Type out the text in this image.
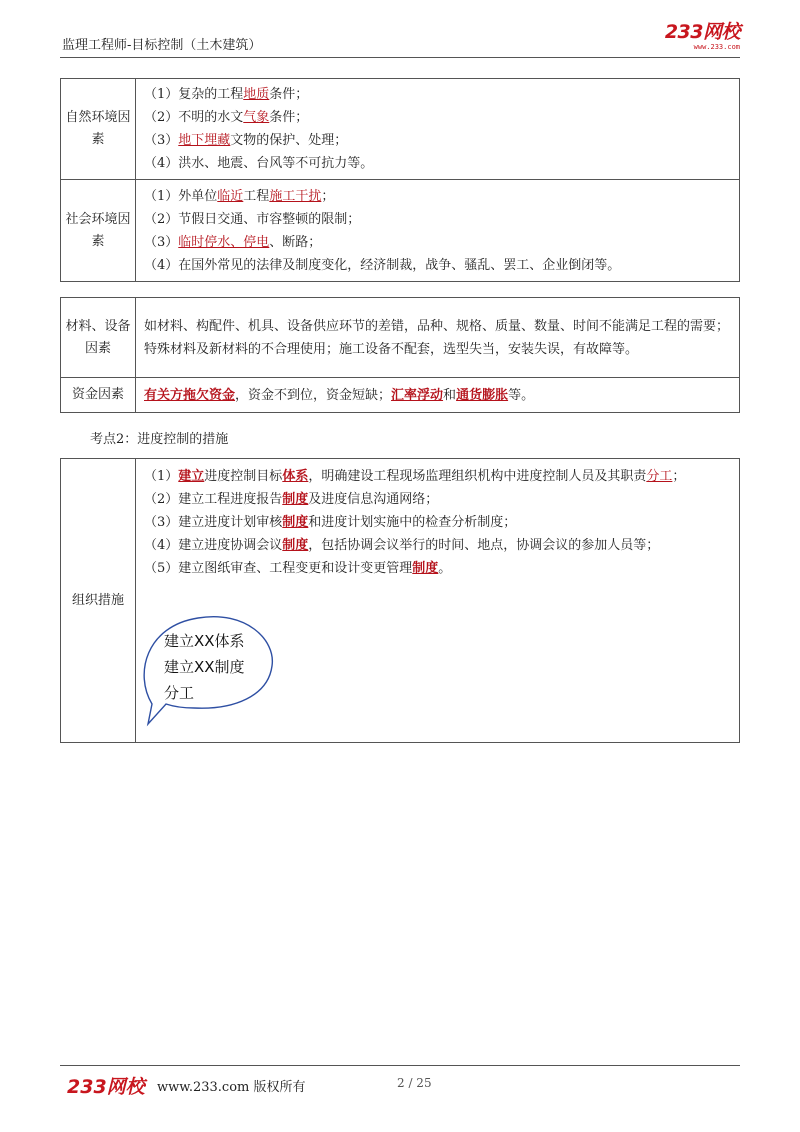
监理工程师-目标控制（土木建筑）
233网校
www.233.com
自然环境因素	（1）复杂的工程地质条件；
（2）不明的水文气象条件；
（3）地下埋藏文物的保护、处理；
（4）洪水、地震、台风等不可抗力等。

社会环境因素	（1）外单位临近工程施工干扰；
（2）节假日交通、市容整顿的限制；
（3）临时停水、停电、断路；
（4）在国外常见的法律及制度变化，经济制裁，战争、骚乱、罢工、企业倒闭等。
材料、设备因素	如材料、构配件、机具、设备供应环节的差错，品种、规格、质量、数量、时间不能满足工程的需要；特殊材料及新材料的不合理使用；施工设备不配套，选型失当，安装失误，有故障等。
资金因素	有关方拖欠资金，资金不到位，资金短缺；汇率浮动和通货膨胀等。
考点2：进度控制的措施
组织措施	
（1）建立进度控制目标体系，明确建设工程现场监理组织机构中进度控制人员及其职责分工；
（2）建立工程进度报告制度及进度信息沟通网络；
（3）建立进度计划审核制度和进度计划实施中的检查分析制度；
（4）建立进度协调会议制度，包括协调会议举行的时间、地点，协调会议的参加人员等；
（5）建立图纸审查、工程变更和设计变更管理制度。
建立XX体系
建立XX制度
分工
233网校 www.233.com 版权所有	2 / 25
